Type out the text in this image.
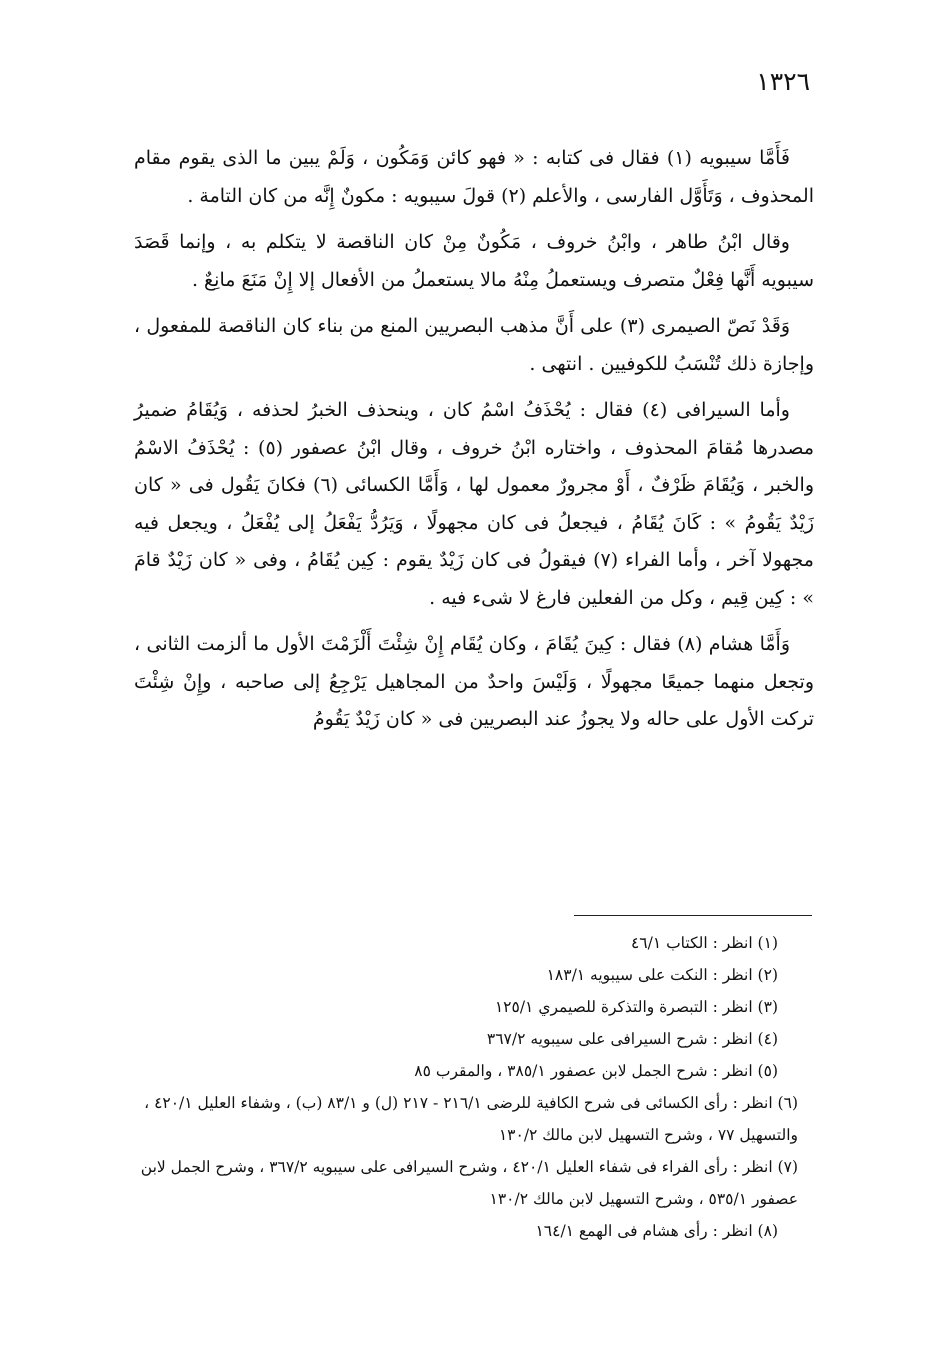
١٣٢٦

فَأَمَّا سيبويه (١) فقال فى كتابه : « فهو كائن وَمَكُون ، وَلَمْ يبين ما الذى يقوم مقام المحذوف ، وَتَأَوَّل الفارسى ، والأعلم (٢) قولَ سيبويه : مكونٌ إِنَّه من كان التامة .

وقال ابْنُ طاهر ، وابْنُ خروف ، مَكُونٌ مِنْ كان الناقصة لا يتكلم به ، وإنما قَصَدَ سيبويه أَنَّها فِعْلٌ متصرف ويستعملُ مِنْهُ مالا يستعملُ من الأفعال إلا إِنْ مَنَعَ مانِعٌ .

وَقَدْ نَصّ الصيمرى (٣) على أَنَّ مذهب البصريين المنع من بناء كان الناقصة للمفعول ، وإجازة ذلك تُنْسَبُ للكوفيين . انتهى .

وأما السيرافى (٤) فقال : يُحْذَفُ اسْمُ كان ، وينحذف الخبرُ لحذفه ، وَيُقَامُ ضميرُ مصدرها مُقامَ المحذوف ، واختاره ابْنُ خروف ، وقال ابْنُ عصفور (٥) : يُحْذَفُ الاسْمُ والخبر ، وَيُقَامَ ظَرْفٌ ، أَوْ مجرورٌ معمول لها ، وَأَمَّا الكسائى (٦) فكانَ يَقُول فى « كان زَيْدٌ يَقُومُ » : كَانَ يُقَامُ ، فيجعلُ فى كان مجهولًا ، وَيَرُدُّ يَفْعَلُ إلى يُفْعَلُ ، ويجعل فيه مجهولا آخر ، وأما الفراء (٧) فيقولُ فى كان زَيْدٌ يقوم : كِين يُقَامُ ، وفى « كان زَيْدٌ قامَ » : كِين قِيم ، وكل من الفعلين فارغ لا شىء فيه .

وَأَمَّا هشام (٨) فقال : كِينَ يُقَامَ ، وكان يُقَام إِنْ شِئْتَ أَلْزَمْتَ الأول ما ألزمت الثانى ، وتجعل منهما جميعًا مجهولًا ، وَلَيْسَ واحدٌ من المجاهيل يَرْجِعُ إلى صاحبه ، وإِنْ شِئْتَ تركت الأول على حاله ولا يجوزُ عند البصريين فى « كان زَيْدٌ يَقُومُ

(١) انظر : الكتاب ٤٦/١
(٢) انظر : النكت على سيبويه ١٨٣/١
(٣) انظر : التبصرة والتذكرة للصيمري ١٢٥/١
(٤) انظر : شرح السيرافى على سيبويه ٣٦٧/٢
(٥) انظر : شرح الجمل لابن عصفور ٣٨٥/١ ، والمقرب ٨٥
(٦) انظر : رأى الكسائى فى شرح الكافية للرضى ٢١٦/١ - ٢١٧ (ل) و ٨٣/١ (ب) ، وشفاء العليل ٤٢٠/١ ، والتسهيل ٧٧ ، وشرح التسهيل لابن مالك ١٣٠/٢
(٧) انظر : رأى الفراء فى شفاء العليل ٤٢٠/١ ، وشرح السيرافى على سيبويه ٣٦٧/٢ ، وشرح الجمل لابن عصفور ٥٣٥/١ ، وشرح التسهيل لابن مالك ١٣٠/٢
(٨) انظر : رأى هشام فى الهمع ١٦٤/١
